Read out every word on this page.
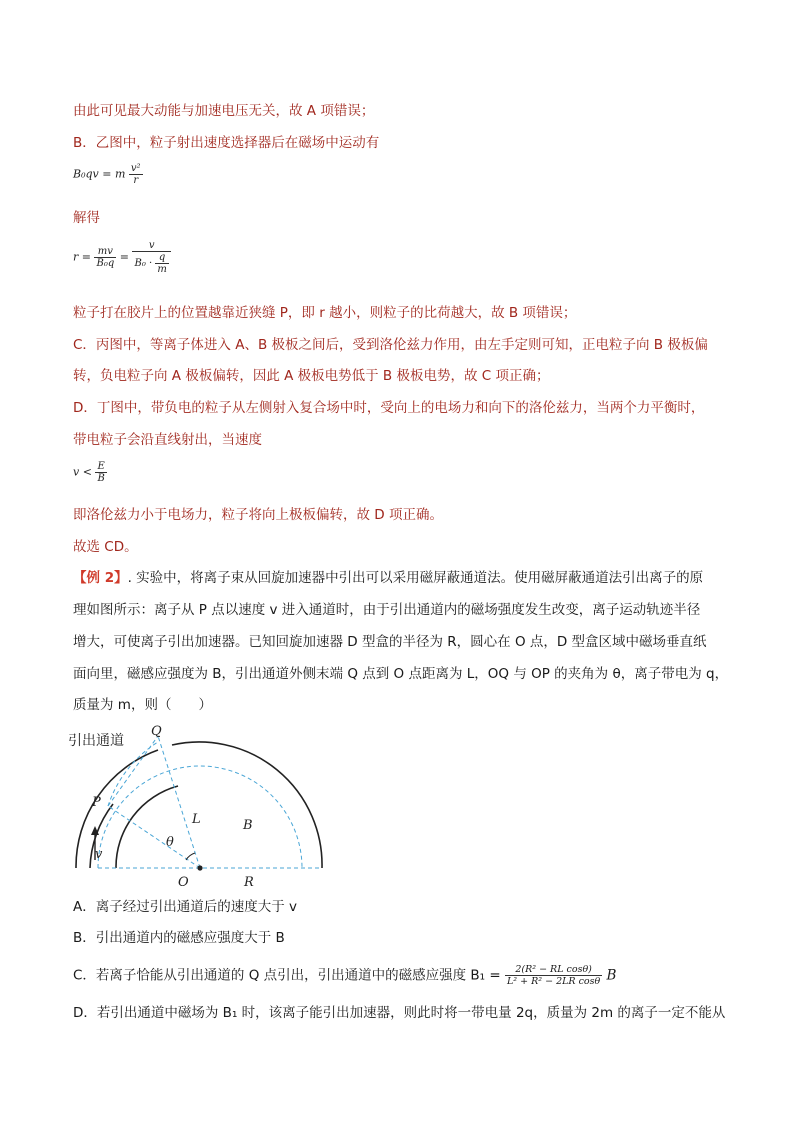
由此可见最大动能与加速电压无关，故 A 项错误；
B．乙图中，粒子射出速度选择器后在磁场中运动有
B₀qv = m $\frac{\text{v²}}{r}$
解得
$r = \frac{mv}{\text{B₀q}} = \frac{v}{B_0 \cdot \frac{q}{m}}$
粒子打在胶片上的位置越靠近狭缝 P，即 r 越小，则粒子的比荷越大，故 B 项错误；
C．丙图中，等离子体进入 A、B 极板之间后，受到洛伦兹力作用，由左手定则可知，正电粒子向 B 极板偏
转，负电粒子向 A 极板偏转，因此 A 极板电势低于 B 极板电势，故 C 项正确；
D．丁图中，带负电的粒子从左侧射入复合场中时，受向上的电场力和向下的洛伦兹力，当两个力平衡时，
带电粒子会沿直线射出，当速度
$v < \frac{E}{B}$
即洛伦兹力小于电场力，粒子将向上极板偏转，故 D 项正确。
故选 CD。
【例 2】. 实验中，将离子束从回旋加速器中引出可以采用磁屏蔽通道法。使用磁屏蔽通道法引出离子的原
理如图所示：离子从 P 点以速度 v 进入通道时，由于引出通道内的磁场强度发生改变，离子运动轨迹半径
增大，可使离子引出加速器。已知回旋加速器 D 型盒的半径为 R，圆心在 O 点，D 型盒区域中磁场垂直纸
面向里，磁感应强度为 B，引出通道外侧末端 Q 点到 O 点距离为 L，OQ 与 OP 的夹角为 θ，离子带电为 q，
质量为 m，则（　　）
引出通道
Q
P
L	B
θ
v
O	R
A．离子经过引出通道后的速度大于 v
B．引出通道内的磁感应强度大于 B
C．若离子恰能从引出通道的 Q 点引出，引出通道中的磁感应强度 $B_1 = \frac{\text{2(R² − RL cosθ)}}{\text{L² + R² − 2LR cosθ}}$ B
D．若引出通道中磁场为 B₁ 时，该离子能引出加速器，则此时将一带电量 2q，质量为 2m 的离子一定不能从
